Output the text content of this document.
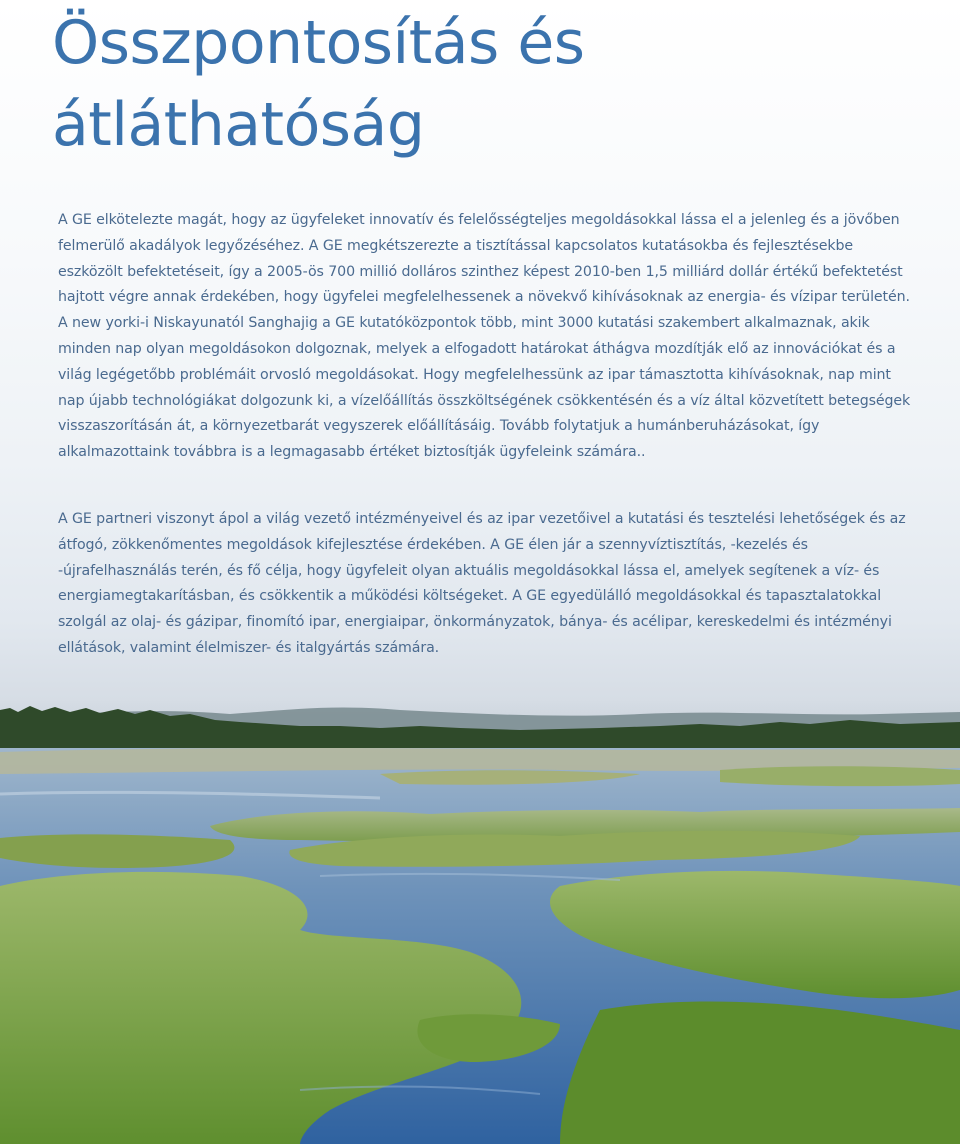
Összpontosítás és
átláthatóság

A GE elkötelezte magát, hogy az ügyfeleket innovatív és felelősségteljes megoldásokkal lássa el a jelenleg és a jövőben felmerülő akadályok legyőzéséhez. A GE megkétszerezte a tisztítással kapcsolatos kutatásokba és fejlesztésekbe eszközölt befektetéseit, így a 2005-ös 700 millió dolláros szinthez képest 2010-ben 1,5 milliárd dollár értékű befektetést hajtott végre annak érdekében, hogy ügyfelei megfelelhessenek a növekvő kihívásoknak az energia- és vízipar területén. A new yorki-i Niskayunatól Sanghajig a GE kutatóközpontok több, mint 3000 kutatási szakembert alkalmaznak, akik minden nap olyan megoldásokon dolgoznak, melyek a elfogadott határokat áthágva mozdítják elő az innovációkat és a világ legégetőbb problémáit orvosló megoldásokat. Hogy megfelelhessünk az ipar támasztotta kihívásoknak, nap mint nap újabb technológiákat dolgozunk ki, a vízelőállítás összköltségének csökkentésén és a víz által közvetített betegségek visszaszorításán át, a környezetbarát vegyszerek előállításáig. Tovább folytatjuk a humánberuházásokat, így alkalmazottaink továbbra is a legmagasabb értéket biztosítják ügyfeleink számára..

A GE partneri viszonyt ápol a világ vezető intézményeivel és az ipar vezetőivel a kutatási és tesztelési lehetőségek és az átfogó, zökkenőmentes megoldások kifejlesztése érdekében. A GE élen jár a szennyvíztisztítás, -kezelés és -újrafelhasználás terén, és fő célja, hogy ügyfeleit olyan aktuális megoldásokkal lássa el, amelyek segítenek a víz- és energiamegtakarításban, és csökkentik a működési költségeket. A GE egyedülálló megoldásokkal és tapasztalatokkal szolgál az olaj- és gázipar, finomító ipar, energiaipar, önkormányzatok, bánya- és acélipar, kereskedelmi és intézményi ellátások, valamint élelmiszer- és italgyártás számára.
